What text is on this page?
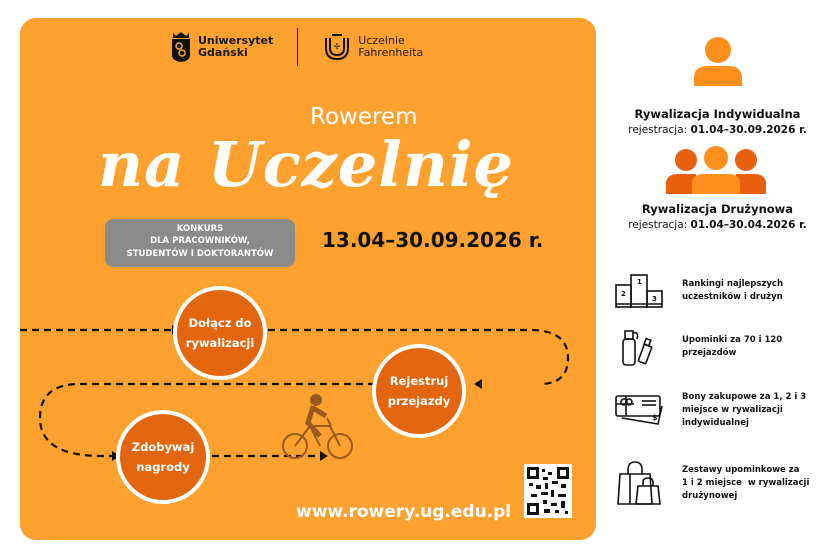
Uniwersytet
Gdański	✢ Uczelnie
Fahrenheita
Rowerem
na Uczelnię
KONKURS
DLA PRACOWNIKÓW,
STUDENTÓW I DOKTORANTÓW
13.04–30.09.2026 r.
Dołącz do
rywalizacji
Rejestruj
przejazdy
Zdobywaj
nagrody
www.rowery.ug.edu.pl
Rywalizacja Indywidualna
rejestracja: 01.04–30.09.2026 r.
Rywalizacja Drużynowa
rejestracja: 01.04–30.04.2026 r.
2
1
3
Rankingi najlepszych
uczestników i drużyn
Upominki za 70 i 120
przejazdów
$
Bony zakupowe za 1, 2 i 3
miejsce w rywalizacji
indywidualnej
Zestawy upominkowe za
1 i 2 miejsce  w rywalizacji
drużynowej
